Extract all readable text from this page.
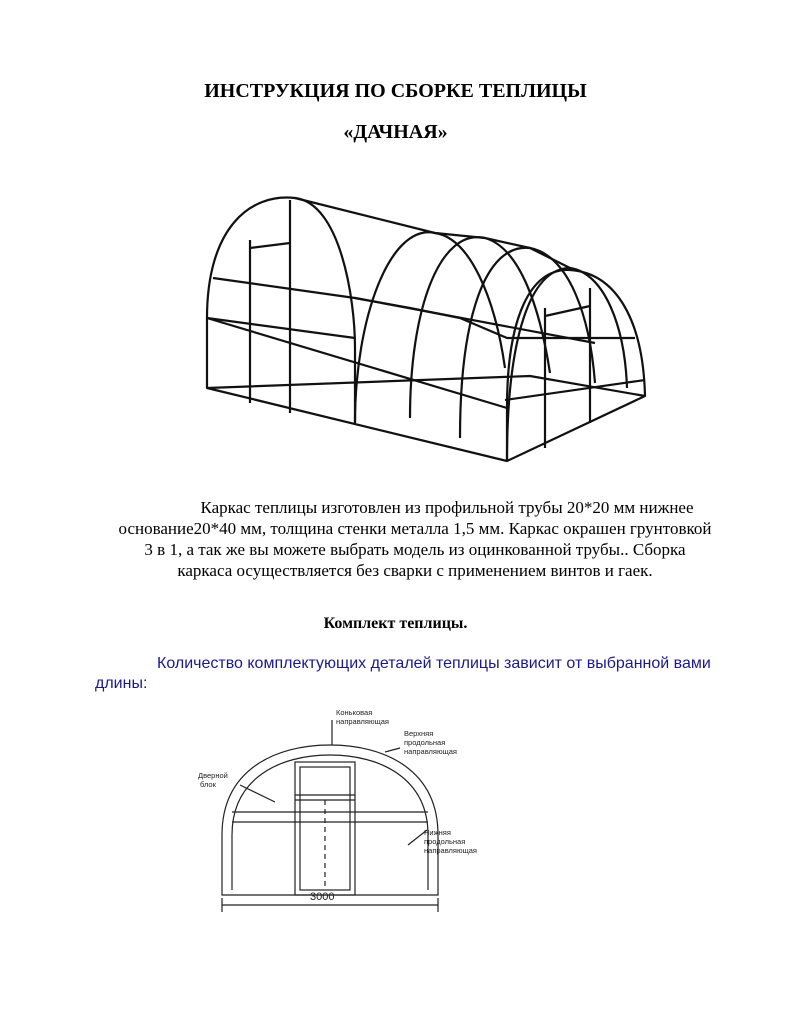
ИНСТРУКЦИЯ ПО СБОРКЕ ТЕПЛИЦЫ
«ДАЧНАЯ»

Каркас теплицы изготовлен из профильной трубы 20*20 мм нижнее основание20*40 мм, толщина стенки металла 1,5 мм. Каркас окрашен грунтовкой 3 в 1, а так же вы можете выбрать модель из оцинкованной трубы.. Сборка каркаса осуществляется без сварки с применением винтов и гаек.

Комплект теплицы.

Количество комплектующих деталей теплицы зависит от выбранной вами длины:

Коньковая
направляющая
Верхняя
продольная
направляющая
Дверной
блок
Нижняя
продольная
направляющая
3000
